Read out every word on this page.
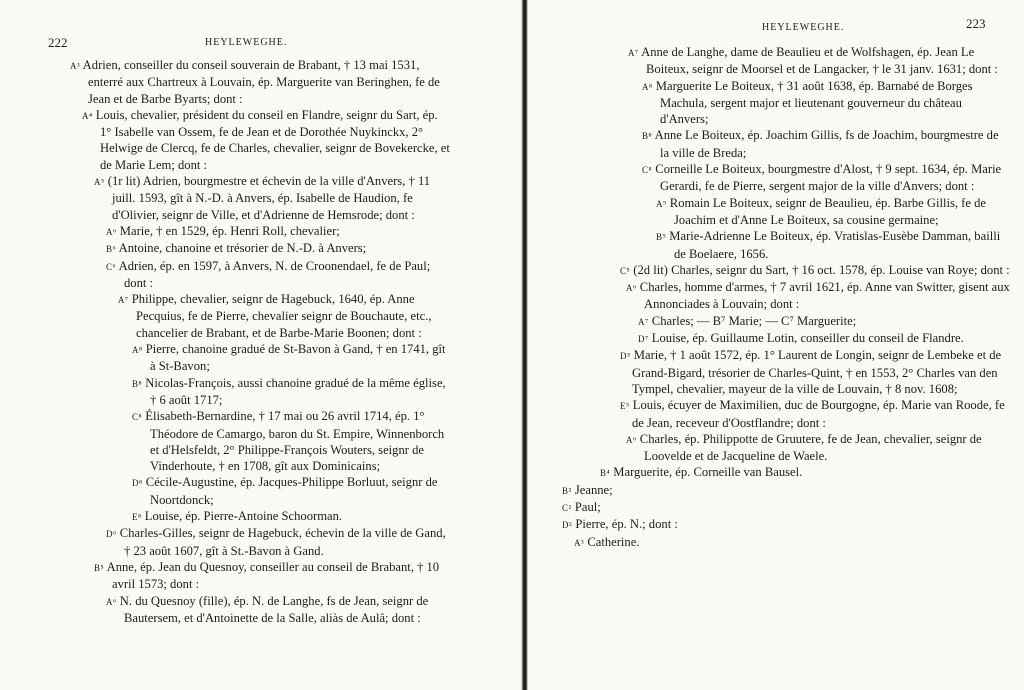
222	HEYLEWEGHE.
A³ Adrien, conseiller du conseil souverain de Brabant, † 13 mai 1531, enterré aux Chartreux à Louvain, ép. Marguerite van Beringhen, fe de Jean et de Barbe Byarts; dont :
A⁴ Louis, chevalier, président du conseil en Flandre, seignr du Sart, ép. 1° Isabelle van Ossem, fe de Jean et de Dorothée Nuykinckx, 2° Helwige de Clercq, fe de Charles, chevalier, seignr de Bovekercke, et de Marie Lem; dont :
A⁵ (1r lit) Adrien, bourgmestre et échevin de la ville d'Anvers, † 11 juill. 1593, gît à N.-D. à Anvers, ép. Isabelle de Haudion, fe d'Olivier, seignr de Ville, et d'Adrienne de Hemsrode; dont :
A⁶ Marie, † en 1529, ép. Henri Roll, chevalier;
B⁶ Antoine, chanoine et trésorier de N.-D. à Anvers;
C⁶ Adrien, ép. en 1597, à Anvers, N. de Croonendael, fe de Paul; dont :
A⁷ Philippe, chevalier, seignr de Hagebuck, 1640, ép. Anne Pecquius, fe de Pierre, chevalier seignr de Bouchaute, etc., chancelier de Brabant, et de Barbe-Marie Boonen; dont :
A⁸ Pierre, chanoine gradué de St-Bavon à Gand, † en 1741, gît à St-Bavon;
B⁸ Nicolas-François, aussi chanoine gradué de la même église, † 6 août 1717;
C⁸ Élisabeth-Bernardine, † 17 mai ou 26 avril 1714, ép. 1° Théodore de Camargo, baron du St. Empire, Winnenborch et d'Helsfeldt, 2° Philippe-François Wouters, seignr de Vinderhoute, † en 1708, gît aux Dominicains;
D⁸ Cécile-Augustine, ép. Jacques-Philippe Borluut, seignr de Noortdonck;
E⁸ Louise, ép. Pierre-Antoine Schoorman.
D⁶ Charles-Gilles, seignr de Hagebuck, échevin de la ville de Gand, † 23 août 1607, gît à St.-Bavon à Gand.
B⁵ Anne, ép. Jean du Quesnoy, conseiller au conseil de Brabant, † 10 avril 1573; dont :
A⁶ N. du Quesnoy (fille), ép. N. de Langhe, fs de Jean, seignr de Bautersem, et d'Antoinette de la Salle, aliàs de Aulâ; dont :
HEYLEWEGHE.	223
A⁷ Anne de Langhe, dame de Beaulieu et de Wolfshagen, ép. Jean Le Boiteux, seignr de Moorsel et de Langacker, † le 31 janv. 1631; dont :
A⁸ Marguerite Le Boiteux, † 31 août 1638, ép. Barnabé de Borges Machula, sergent major et lieutenant gouverneur du château d'Anvers;
B⁸ Anne Le Boiteux, ép. Joachim Gillis, fs de Joachim, bourgmestre de la ville de Breda;
C⁸ Corneille Le Boiteux, bourgmestre d'Alost, † 9 sept. 1634, ép. Marie Gerardi, fe de Pierre, sergent major de la ville d'Anvers; dont :
A⁹ Romain Le Boiteux, seignr de Beaulieu, ép. Barbe Gillis, fe de Joachim et d'Anne Le Boiteux, sa cousine germaine;
B⁹ Marie-Adrienne Le Boiteux, ép. Vratislas-Eusèbe Damman, bailli de Boelaere, 1656.
C⁵ (2d lit) Charles, seignr du Sart, † 16 oct. 1578, ép. Louise van Roye; dont :
A⁶ Charles, homme d'armes, † 7 avril 1621, ép. Anne van Switter, gisent aux Annonciades à Louvain; dont :
A⁷ Charles; — B⁷ Marie; — C⁷ Marguerite;
D⁷ Louise, ép. Guillaume Lotin, conseiller du conseil de Flandre.
D⁵ Marie, † 1 août 1572, ép. 1° Laurent de Longin, seignr de Lembeke et de Grand-Bigard, trésorier de Charles-Quint, † en 1553, 2° Charles van den Tympel, chevalier, mayeur de la ville de Louvain, † 8 nov. 1608;
E⁵ Louis, écuyer de Maximilien, duc de Bourgogne, ép. Marie van Roode, fe de Jean, receveur d'Oostflandre; dont :
A⁶ Charles, ép. Philippotte de Gruutere, fe de Jean, chevalier, seignr de Loovelde et de Jacqueline de Waele.
B⁴ Marguerite, ép. Corneille van Bausel.
B² Jeanne;
C² Paul;
D² Pierre, ép. N.; dont :
A³ Catherine.
